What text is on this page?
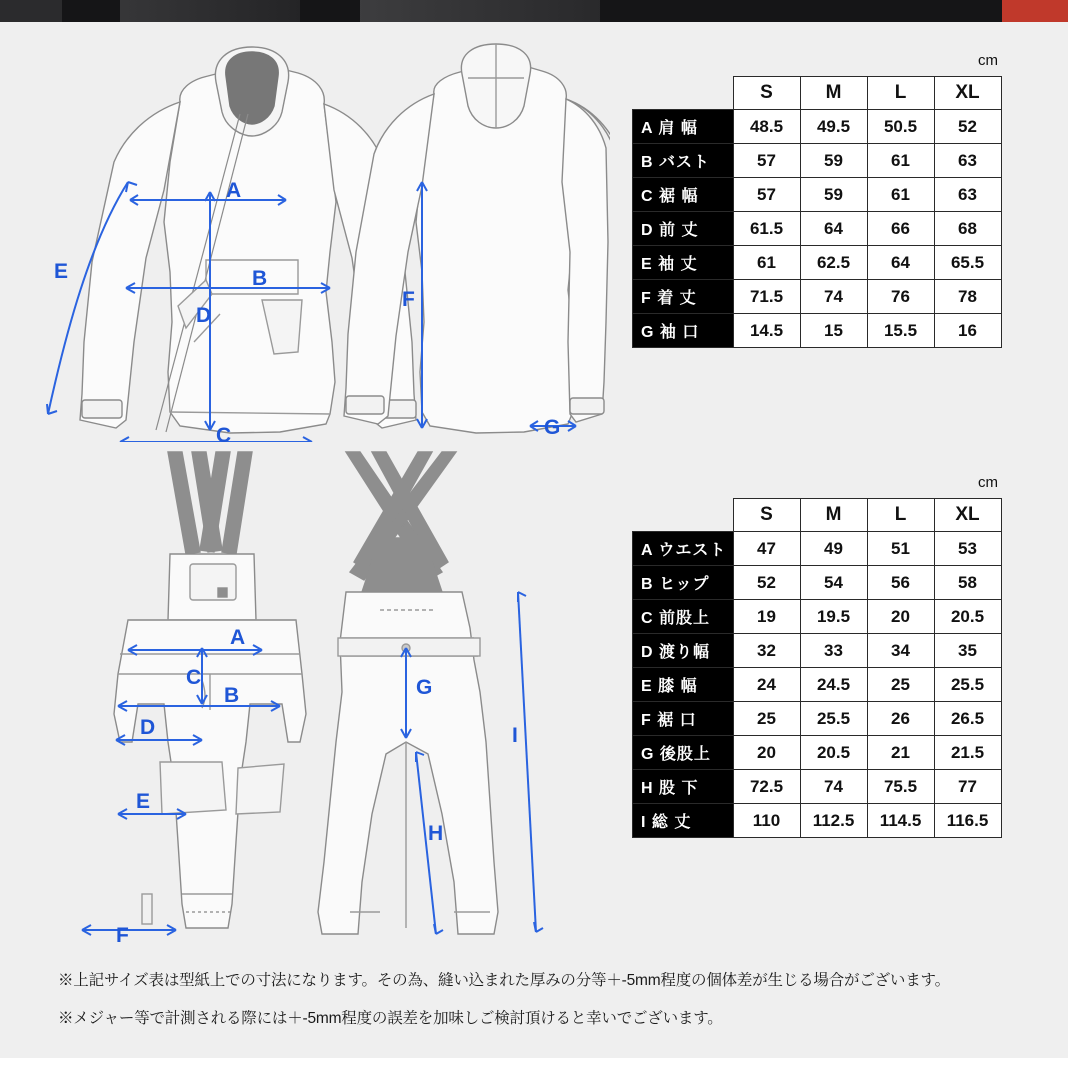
A
B
C
D
E
F
G
A
B
C
D
E
F
G
H
I
cm
	S	M	L	XL
A 肩 幅	48.5	49.5	50.5	52
B バスト	57	59	61	63
C 裾 幅	57	59	61	63
D 前 丈	61.5	64	66	68
E 袖 丈	61	62.5	64	65.5
F 着 丈	71.5	74	76	78
G 袖 口	14.5	15	15.5	16
cm
	S	M	L	XL
A ウエスト	47	49	51	53
B ヒップ	52	54	56	58
C 前股上	19	19.5	20	20.5
D 渡り幅	32	33	34	35
E 膝 幅	24	24.5	25	25.5
F 裾 口	25	25.5	26	26.5
G 後股上	20	20.5	21	21.5
H 股 下	72.5	74	75.5	77
I 総 丈	110	112.5	114.5	116.5
※上記サイズ表は型紙上での寸法になります。その為、縫い込まれた厚みの分等＋-5mm程度の個体差が生じる場合がございます。
※メジャー等で計測される際には＋-5mm程度の誤差を加味しご検討頂けると幸いでございます。
